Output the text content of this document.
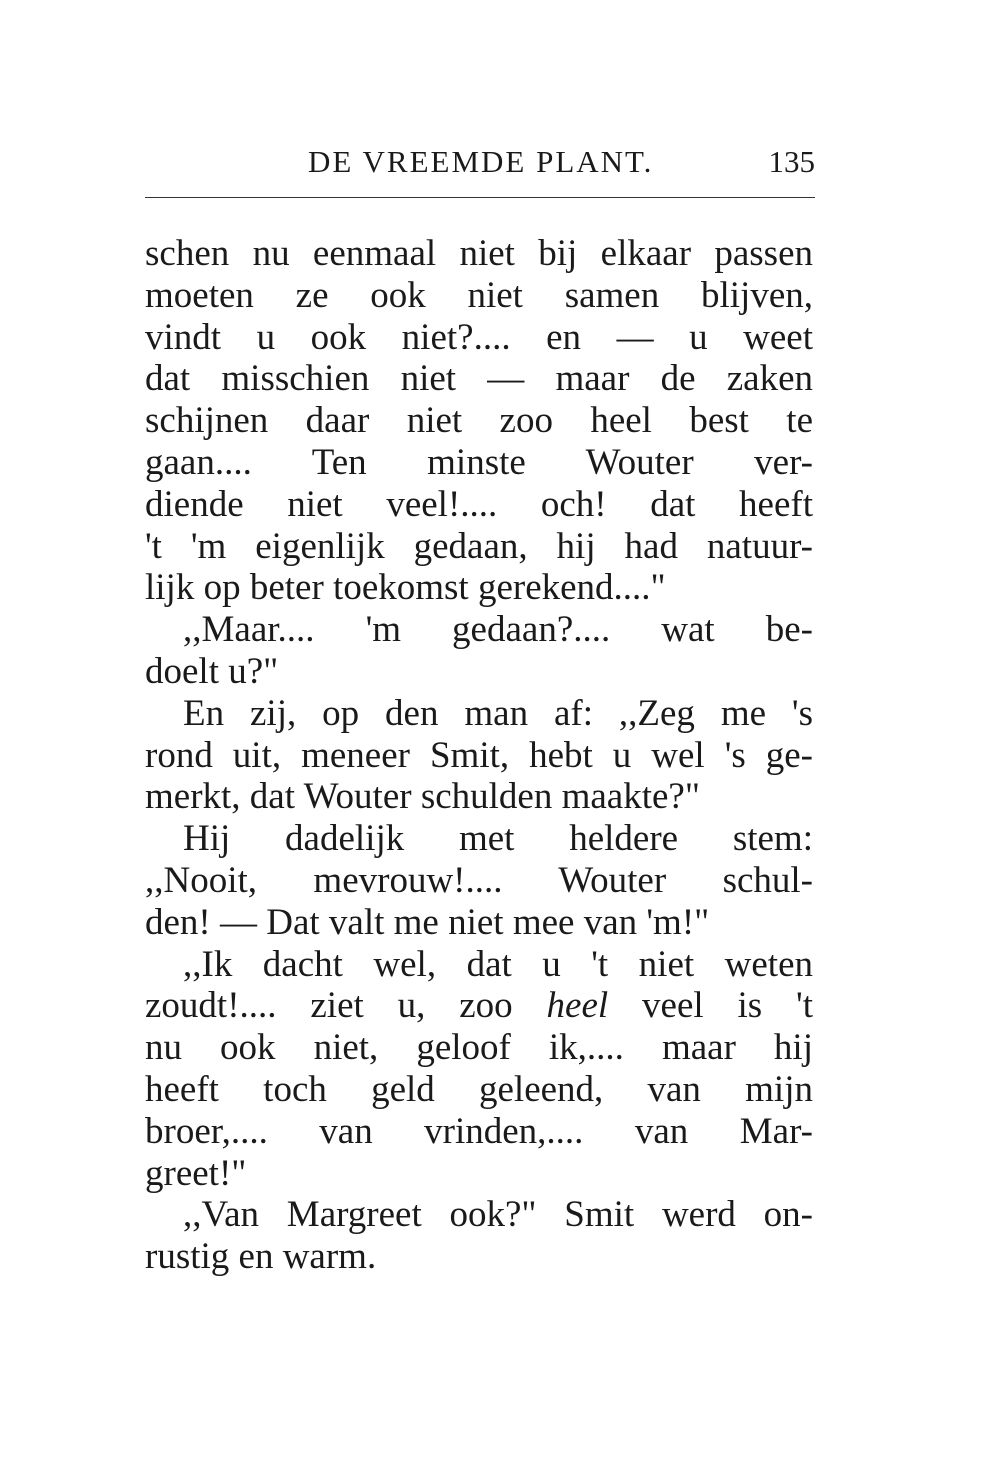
DE VREEMDE PLANT.	135
schen nu eenmaal niet bij elkaar passen
moeten ze ook niet samen blijven,
vindt u ook niet?.... en — u weet
dat misschien niet — maar de zaken
schijnen daar niet zoo heel best te
gaan.... Ten minste Wouter ver-
diende niet veel!.... och! dat heeft
't 'm eigenlijk gedaan, hij had natuur-
lijk op beter toekomst gerekend...."
,,Maar.... 'm gedaan?.... wat be-
doelt u?"
En zij, op den man af: ,,Zeg me 's
rond uit, meneer Smit, hebt u wel 's ge-
merkt, dat Wouter schulden maakte?"
Hij dadelijk met heldere stem:
,,Nooit, mevrouw!.... Wouter schul-
den! — Dat valt me niet mee van 'm!"
,,Ik dacht wel, dat u 't niet weten
zoudt!.... ziet u, zoo heel veel is 't
nu ook niet, geloof ik,.... maar hij
heeft toch geld geleend, van mijn
broer,.... van vrinden,.... van Mar-
greet!"
,,Van Margreet ook?" Smit werd on-
rustig en warm.
